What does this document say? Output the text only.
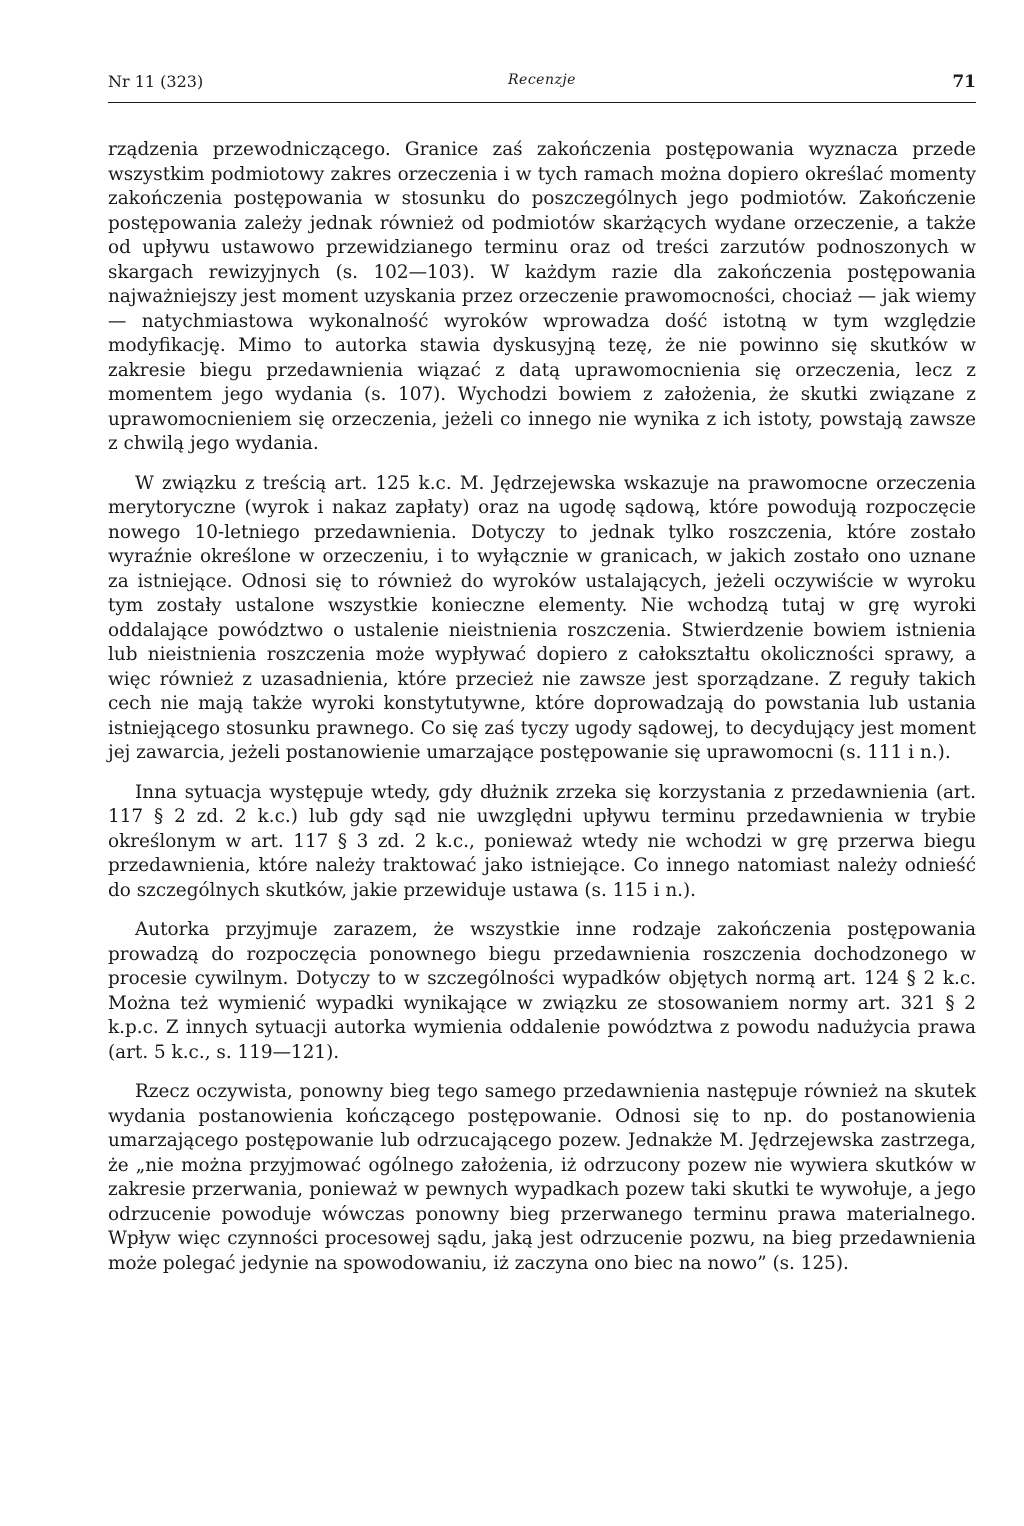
Nr 11 (323)	Recenzje	71

rządzenia przewodniczącego. Granice zaś zakończenia postępowania wyznacza przede wszystkim podmiotowy zakres orzeczenia i w tych ramach można dopiero określać momenty zakończenia postępowania w stosunku do poszczególnych jego podmiotów. Zakończenie postępowania zależy jednak również od podmiotów skarżących wydane orzeczenie, a także od upływu ustawowo przewidzianego terminu oraz od treści zarzutów podnoszonych w skargach rewizyjnych (s. 102—103). W każdym razie dla zakończenia postępowania najważniejszy jest moment uzyskania przez orzeczenie prawomocności, chociaż — jak wiemy — natychmiastowa wykonalność wyroków wprowadza dość istotną w tym względzie modyfikację. Mimo to autorka stawia dyskusyjną tezę, że nie powinno się skutków w zakresie biegu przedawnienia wiązać z datą uprawomocnienia się orzeczenia, lecz z momentem jego wydania (s. 107). Wychodzi bowiem z założenia, że skutki związane z uprawomocnieniem się orzeczenia, jeżeli co innego nie wynika z ich istoty, powstają zawsze z chwilą jego wydania.

W związku z treścią art. 125 k.c. M. Jędrzejewska wskazuje na prawomocne orzeczenia merytoryczne (wyrok i nakaz zapłaty) oraz na ugodę sądową, które powodują rozpoczęcie nowego 10-letniego przedawnienia. Dotyczy to jednak tylko roszczenia, które zostało wyraźnie określone w orzeczeniu, i to wyłącznie w granicach, w jakich zostało ono uznane za istniejące. Odnosi się to również do wyroków ustalających, jeżeli oczywiście w wyroku tym zostały ustalone wszystkie konieczne elementy. Nie wchodzą tutaj w grę wyroki oddalające powództwo o ustalenie nieistnienia roszczenia. Stwierdzenie bowiem istnienia lub nieistnienia roszczenia może wypływać dopiero z całokształtu okoliczności sprawy, a więc również z uzasadnienia, które przecież nie zawsze jest sporządzane. Z reguły takich cech nie mają także wyroki konstytutywne, które doprowadzają do powstania lub ustania istniejącego stosunku prawnego. Co się zaś tyczy ugody sądowej, to decydujący jest moment jej zawarcia, jeżeli postanowienie umarzające postępowanie się uprawomocni (s. 111 i n.).

Inna sytuacja występuje wtedy, gdy dłużnik zrzeka się korzystania z przedawnienia (art. 117 § 2 zd. 2 k.c.) lub gdy sąd nie uwzględni upływu terminu przedawnienia w trybie określonym w art. 117 § 3 zd. 2 k.c., ponieważ wtedy nie wchodzi w grę przerwa biegu przedawnienia, które należy traktować jako istniejące. Co innego natomiast należy odnieść do szczególnych skutków, jakie przewiduje ustawa (s. 115 i n.).

Autorka przyjmuje zarazem, że wszystkie inne rodzaje zakończenia postępowania prowadzą do rozpoczęcia ponownego biegu przedawnienia roszczenia dochodzonego w procesie cywilnym. Dotyczy to w szczególności wypadków objętych normą art. 124 § 2 k.c. Można też wymienić wypadki wynikające w związku ze stosowaniem normy art. 321 § 2 k.p.c. Z innych sytuacji autorka wymienia oddalenie powództwa z powodu nadużycia prawa (art. 5 k.c., s. 119—121).

Rzecz oczywista, ponowny bieg tego samego przedawnienia następuje również na skutek wydania postanowienia kończącego postępowanie. Odnosi się to np. do postanowienia umarzającego postępowanie lub odrzucającego pozew. Jednakże M. Jędrzejewska zastrzega, że „nie można przyjmować ogólnego założenia, iż odrzucony pozew nie wywiera skutków w zakresie przerwania, ponieważ w pewnych wypadkach pozew taki skutki te wywołuje, a jego odrzucenie powoduje wówczas ponowny bieg przerwanego terminu prawa materialnego. Wpływ więc czynności procesowej sądu, jaką jest odrzucenie pozwu, na bieg przedawnienia może polegać jedynie na spowodowaniu, iż zaczyna ono biec na nowo” (s. 125).
